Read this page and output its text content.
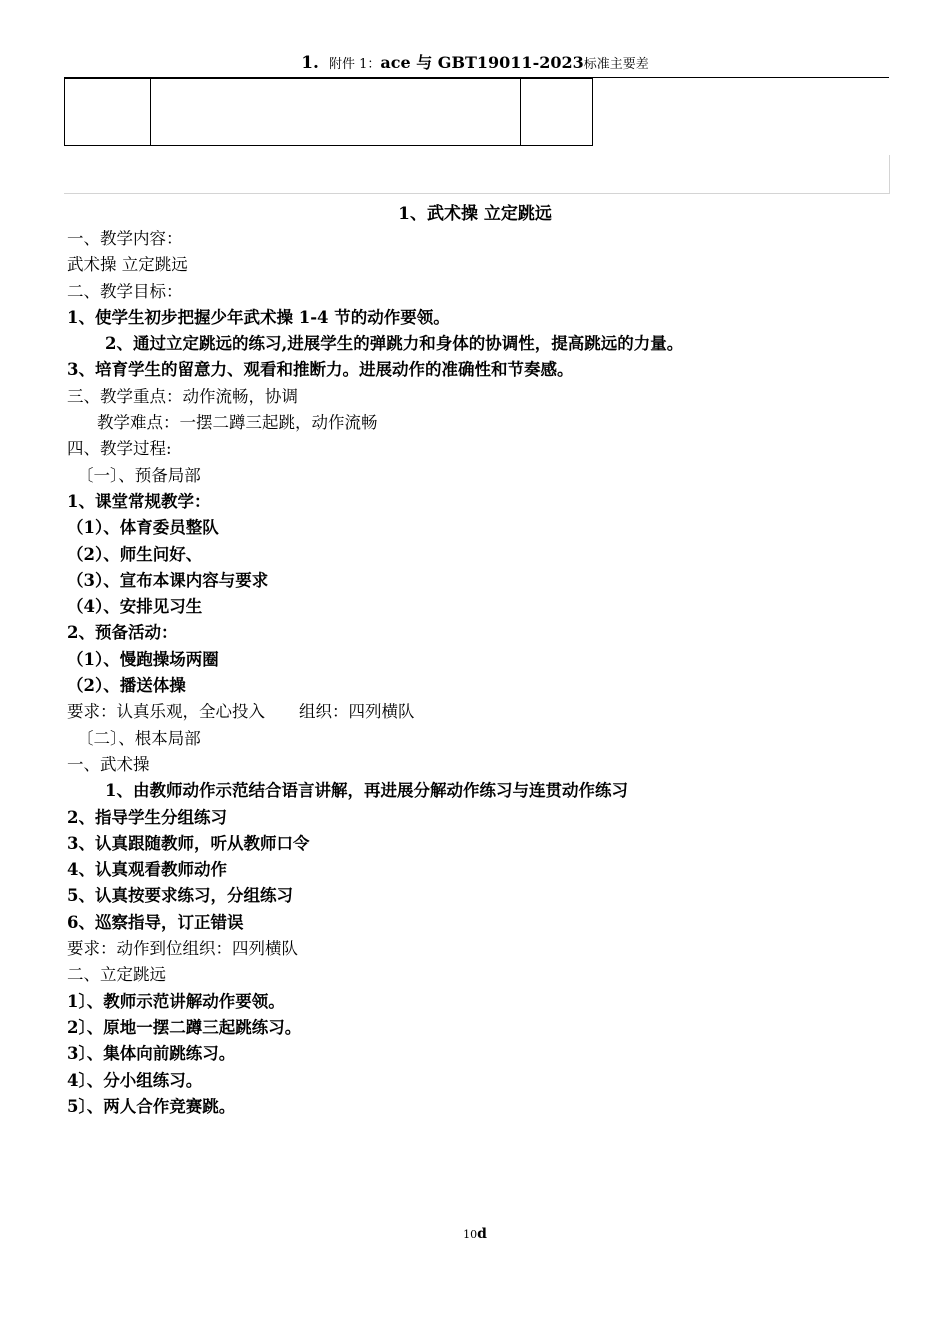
1. 附件 1：ace 与 GBT19011-2023标准主要差

1、武术操 立定跳远
一、教学内容：
武术操 立定跳远
二、教学目标：
1、使学生初步把握少年武术操 1-4 节的动作要领。
2、通过立定跳远的练习,进展学生的弹跳力和身体的协调性，提高跳远的力量。
3、培育学生的留意力、观看和推断力。进展动作的准确性和节奏感。
三、教学重点：动作流畅，协调
教学难点：一摆二蹲三起跳，动作流畅
四、教学过程:
〔一〕、预备局部
1、课堂常规教学：
（1）、体育委员整队
（2）、师生问好、
（3）、宣布本课内容与要求
（4）、安排见习生
2、预备活动：
（1）、慢跑操场两圈
（2）、播送体操
要求：认真乐观，全心投入 组织：四列横队
〔二〕、根本局部
一、武术操
1、由教师动作示范结合语言讲解，再进展分解动作练习与连贯动作练习
2、指导学生分组练习
3、认真跟随教师，听从教师口令
4、认真观看教师动作
5、认真按要求练习，分组练习
6、巡察指导，订正错误
要求：动作到位组织：四列横队
二、立定跳远
1〕、教师示范讲解动作要领。
2〕、原地一摆二蹲三起跳练习。
3〕、集体向前跳练习。
4〕、分小组练习。
5〕、两人合作竞赛跳。
10d
